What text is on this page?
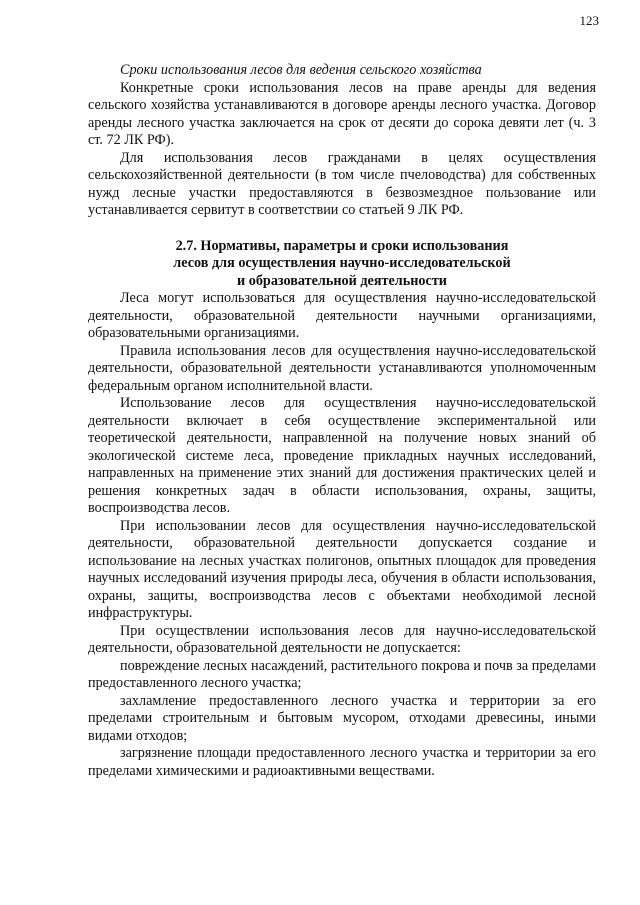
123

Сроки использования лесов для ведения сельского хозяйства

Конкретные сроки использования лесов на праве аренды для ведения сельского хозяйства устанавливаются в договоре аренды лесного участка. Договор аренды лесного участка заключается на срок от десяти до сорока девяти лет (ч. 3 ст. 72 ЛК РФ).

Для использования лесов гражданами в целях осуществления сельскохозяйственной деятельности (в том числе пчеловодства) для собственных нужд лесные участки предоставляются в безвозмездное пользование или устанавливается сервитут в соответствии со статьей 9 ЛК РФ.

2.7. Нормативы, параметры и сроки использования
лесов для осуществления научно-исследовательской
и образовательной деятельности

Леса могут использоваться для осуществления научно-исследовательской деятельности, образовательной деятельности научными организациями, образовательными организациями.

Правила использования лесов для осуществления научно-исследовательской деятельности, образовательной деятельности устанавливаются уполномоченным федеральным органом исполнительной власти.

Использование лесов для осуществления научно-исследовательской деятельности включает в себя осуществление экспериментальной или теоретической деятельности, направленной на получение новых знаний об экологической системе леса, проведение прикладных научных исследований, направленных на применение этих знаний для достижения практических целей и решения конкретных задач в области использования, охраны, защиты, воспроизводства лесов.

При использовании лесов для осуществления научно-исследовательской деятельности, образовательной деятельности допускается создание и использование на лесных участках полигонов, опытных площадок для проведения научных исследований изучения природы леса, обучения в области использования, охраны, защиты, воспроизводства лесов с объектами необходимой лесной инфраструктуры.

При осуществлении использования лесов для научно-исследовательской деятельности, образовательной деятельности не допускается:

повреждение лесных насаждений, растительного покрова и почв за пределами предоставленного лесного участка;

захламление предоставленного лесного участка и территории за его пределами строительным и бытовым мусором, отходами древесины, иными видами отходов;

загрязнение площади предоставленного лесного участка и территории за его пределами химическими и радиоактивными веществами.
